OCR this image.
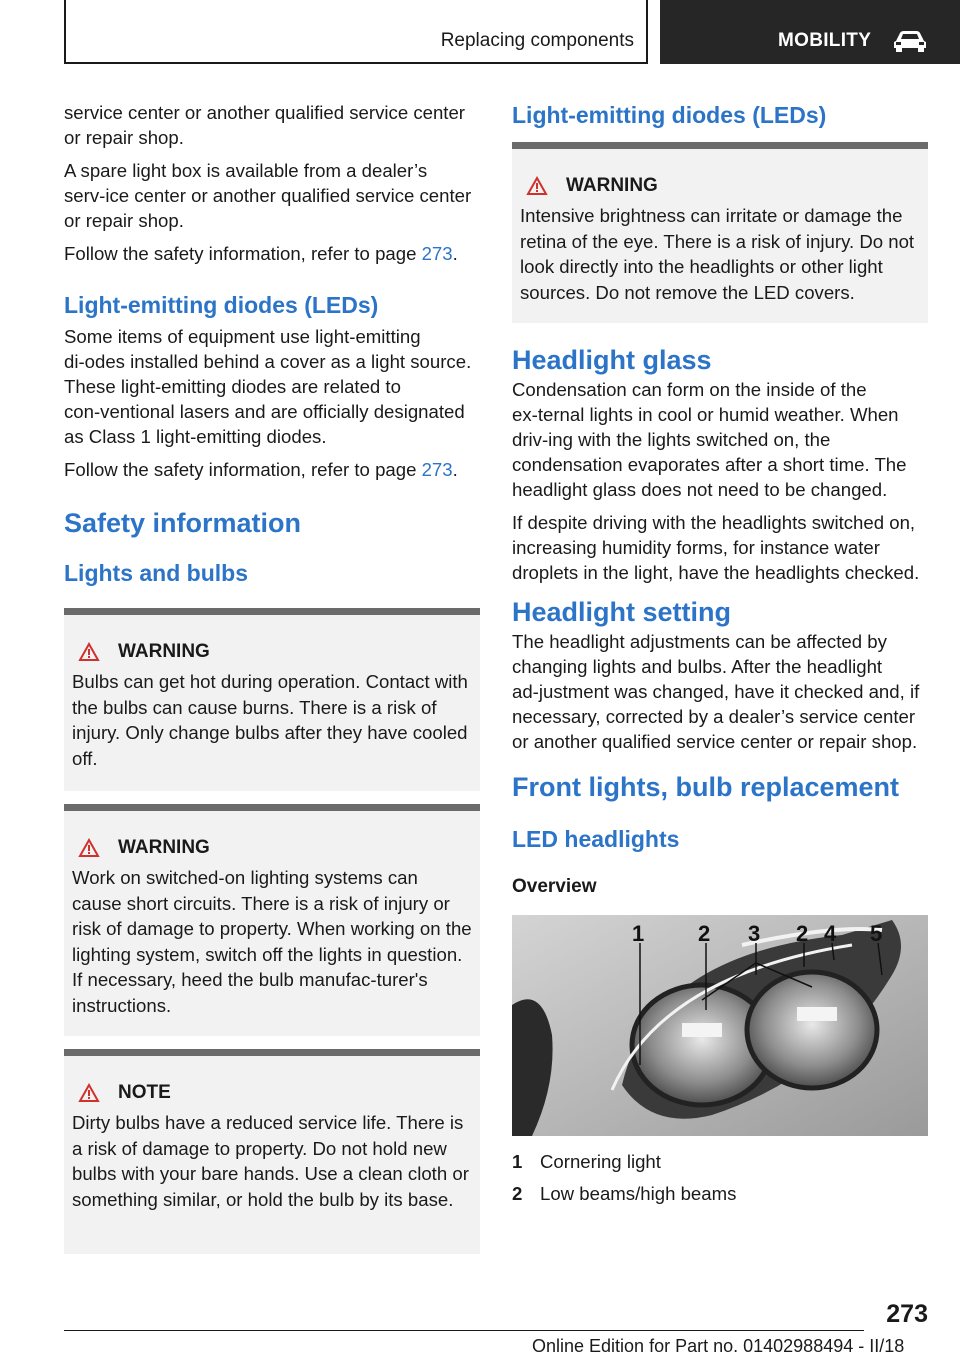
Replacing components	MOBILITY

service center or another qualified service center or repair shop.

A spare light box is available from a dealer’s serv‑ice center or another qualified service center or repair shop.

Follow the safety information, refer to page 273.

Light‑emitting diodes (LEDs)

Some items of equipment use light‑emitting di‑odes installed behind a cover as a light source. These light‑emitting diodes are related to con‑ventional lasers and are officially designated as Class 1 light‑emitting diodes.

Follow the safety information, refer to page 273.

Safety information
Lights and bulbs
WARNING

Bulbs can get hot during operation. Contact with the bulbs can cause burns. There is a risk of injury. Only change bulbs after they have cooled off.

WARNING

Work on switched‑on lighting systems can cause short circuits. There is a risk of injury or risk of damage to property. When working on the lighting system, switch off the lights in question. If necessary, heed the bulb manufac‑turer's instructions.

NOTE

Dirty bulbs have a reduced service life. There is a risk of damage to property. Do not hold new bulbs with your bare hands. Use a clean cloth or something similar, or hold the bulb by its base.

Light‑emitting diodes (LEDs)
WARNING

Intensive brightness can irritate or damage the retina of the eye. There is a risk of injury. Do not look directly into the headlights or other light sources. Do not remove the LED covers.

Headlight glass

Condensation can form on the inside of the ex‑ternal lights in cool or humid weather. When driv‑ing with the lights switched on, the condensation evaporates after a short time. The headlight glass does not need to be changed.

If despite driving with the headlights switched on, increasing humidity forms, for instance water droplets in the light, have the headlights checked.

Headlight setting

The headlight adjustments can be affected by changing lights and bulbs. After the headlight ad‑justment was changed, have it checked and, if necessary, corrected by a dealer’s service center or another qualified service center or repair shop.

Front lights, bulb replacement
LED headlights
Overview
1 2 3 2 4 5
1 Cornering light
2 Low beams/high beams
273
Online Edition for Part no. 01402988494 - II/18
